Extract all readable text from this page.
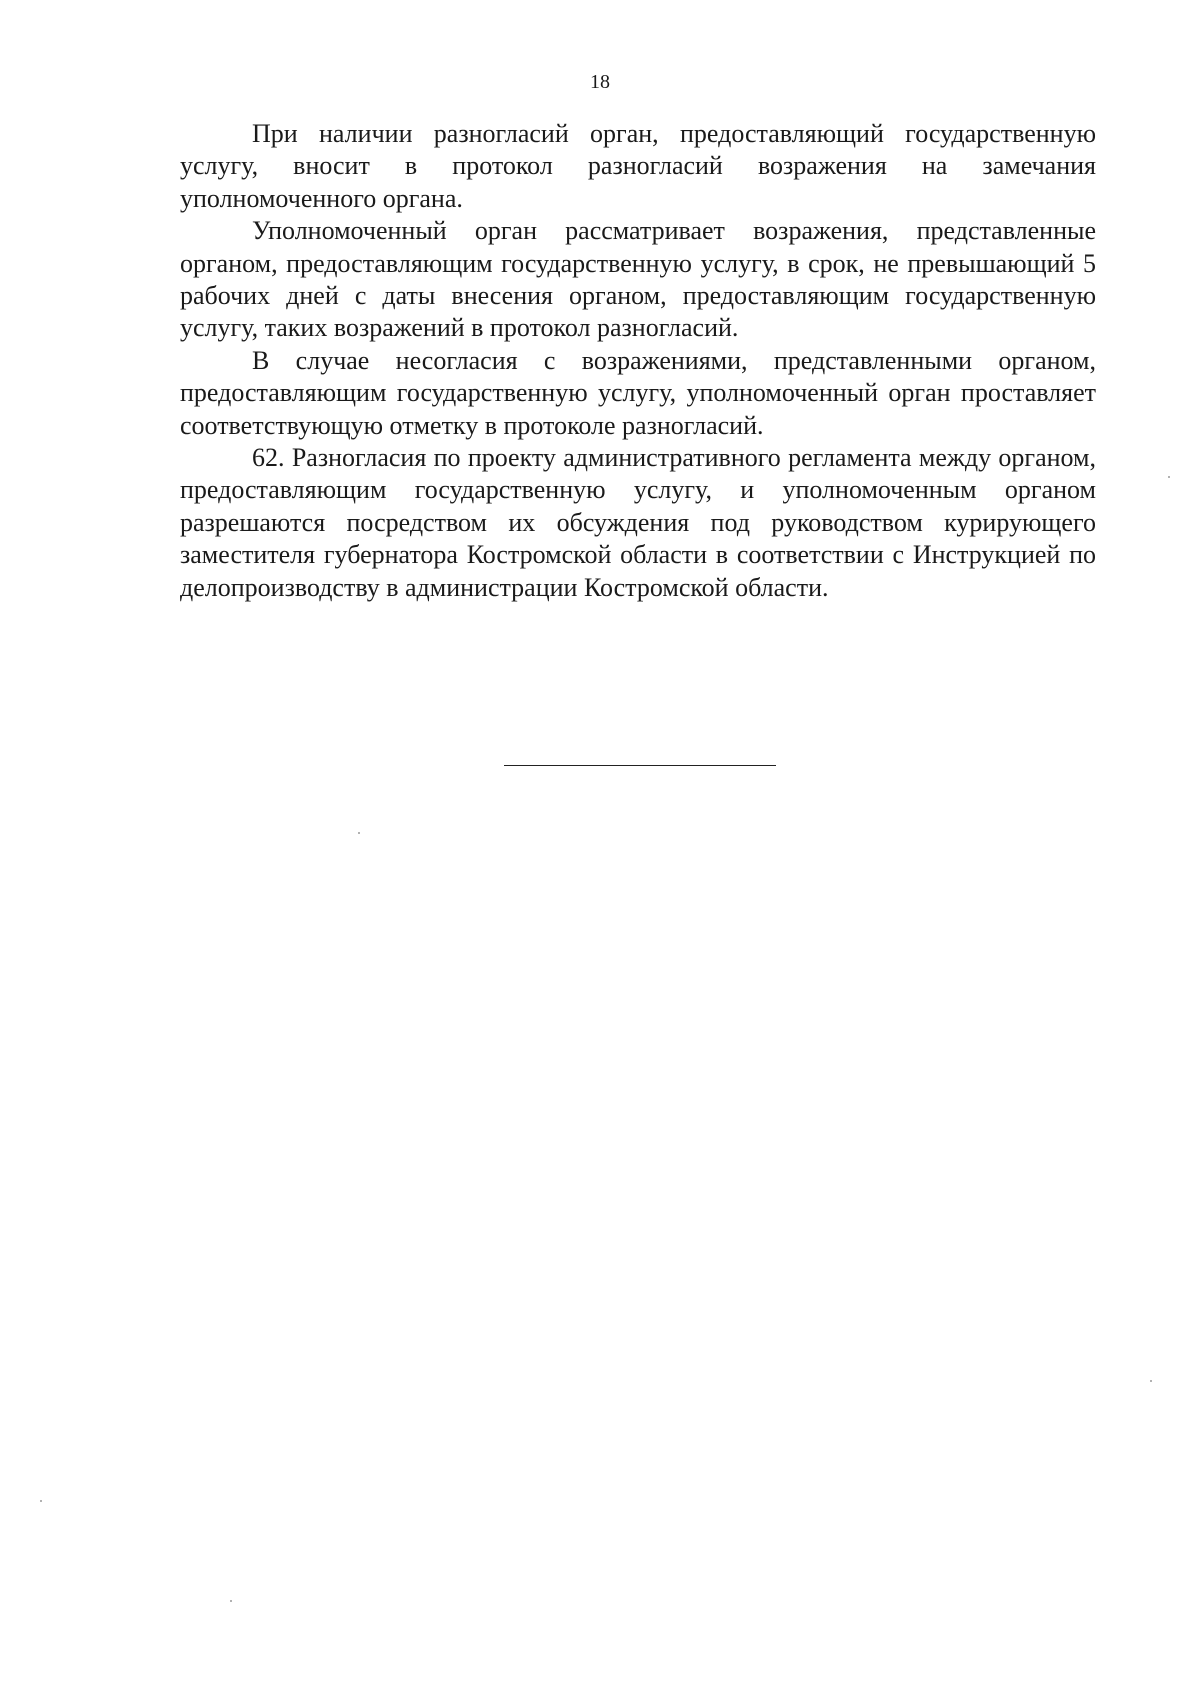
18

При наличии разногласий орган, предоставляющий государственную услугу, вносит в протокол разногласий возражения на замечания уполномоченного органа.

Уполномоченный орган рассматривает возражения, представленные органом, предоставляющим государственную услугу, в срок, не превышающий 5 рабочих дней с даты внесения органом, предоставляющим государственную услугу, таких возражений в протокол разногласий.

В случае несогласия с возражениями, представленными органом, предоставляющим государственную услугу, уполномоченный орган проставляет соответствующую отметку в протоколе разногласий.

62. Разногласия по проекту административного регламента между органом, предоставляющим государственную услугу, и уполномоченным органом разрешаются посредством их обсуждения под руководством курирующего заместителя губернатора Костромской области в соответствии с Инструкцией по делопроизводству в администрации Костромской области.
